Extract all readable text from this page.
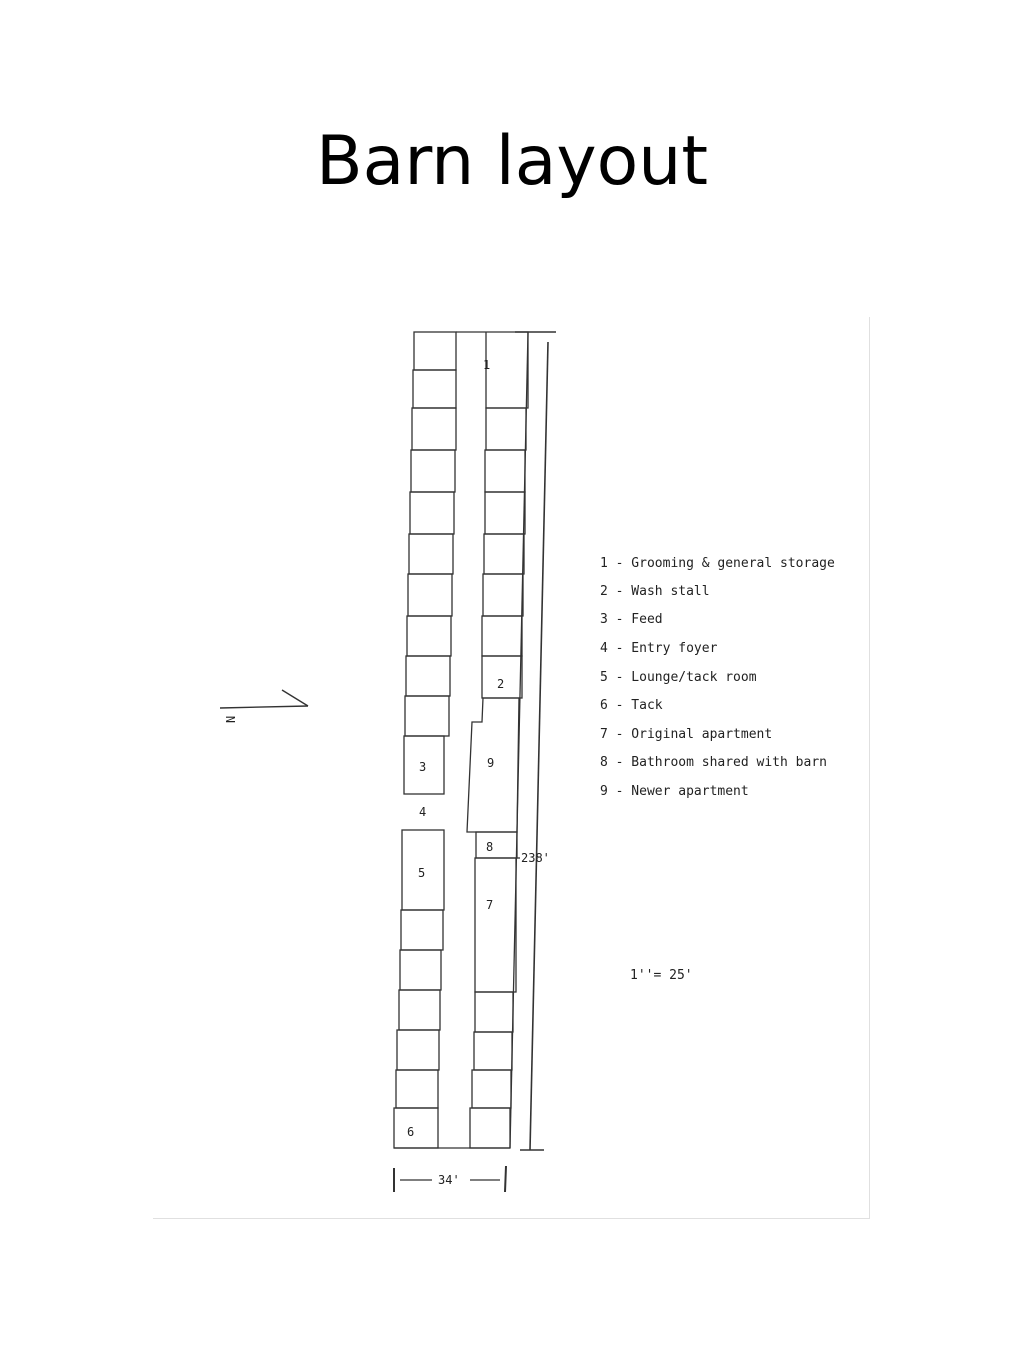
Barn layout
1
2
3
4
5
6
7
8
9
238'
34'
N
1 - Grooming & general storage
2 - Wash stall
3 - Feed
4 - Entry foyer
5 - Lounge/tack room
6 - Tack
7 - Original apartment
8 - Bathroom shared with barn
9 - Newer apartment
1''= 25'
